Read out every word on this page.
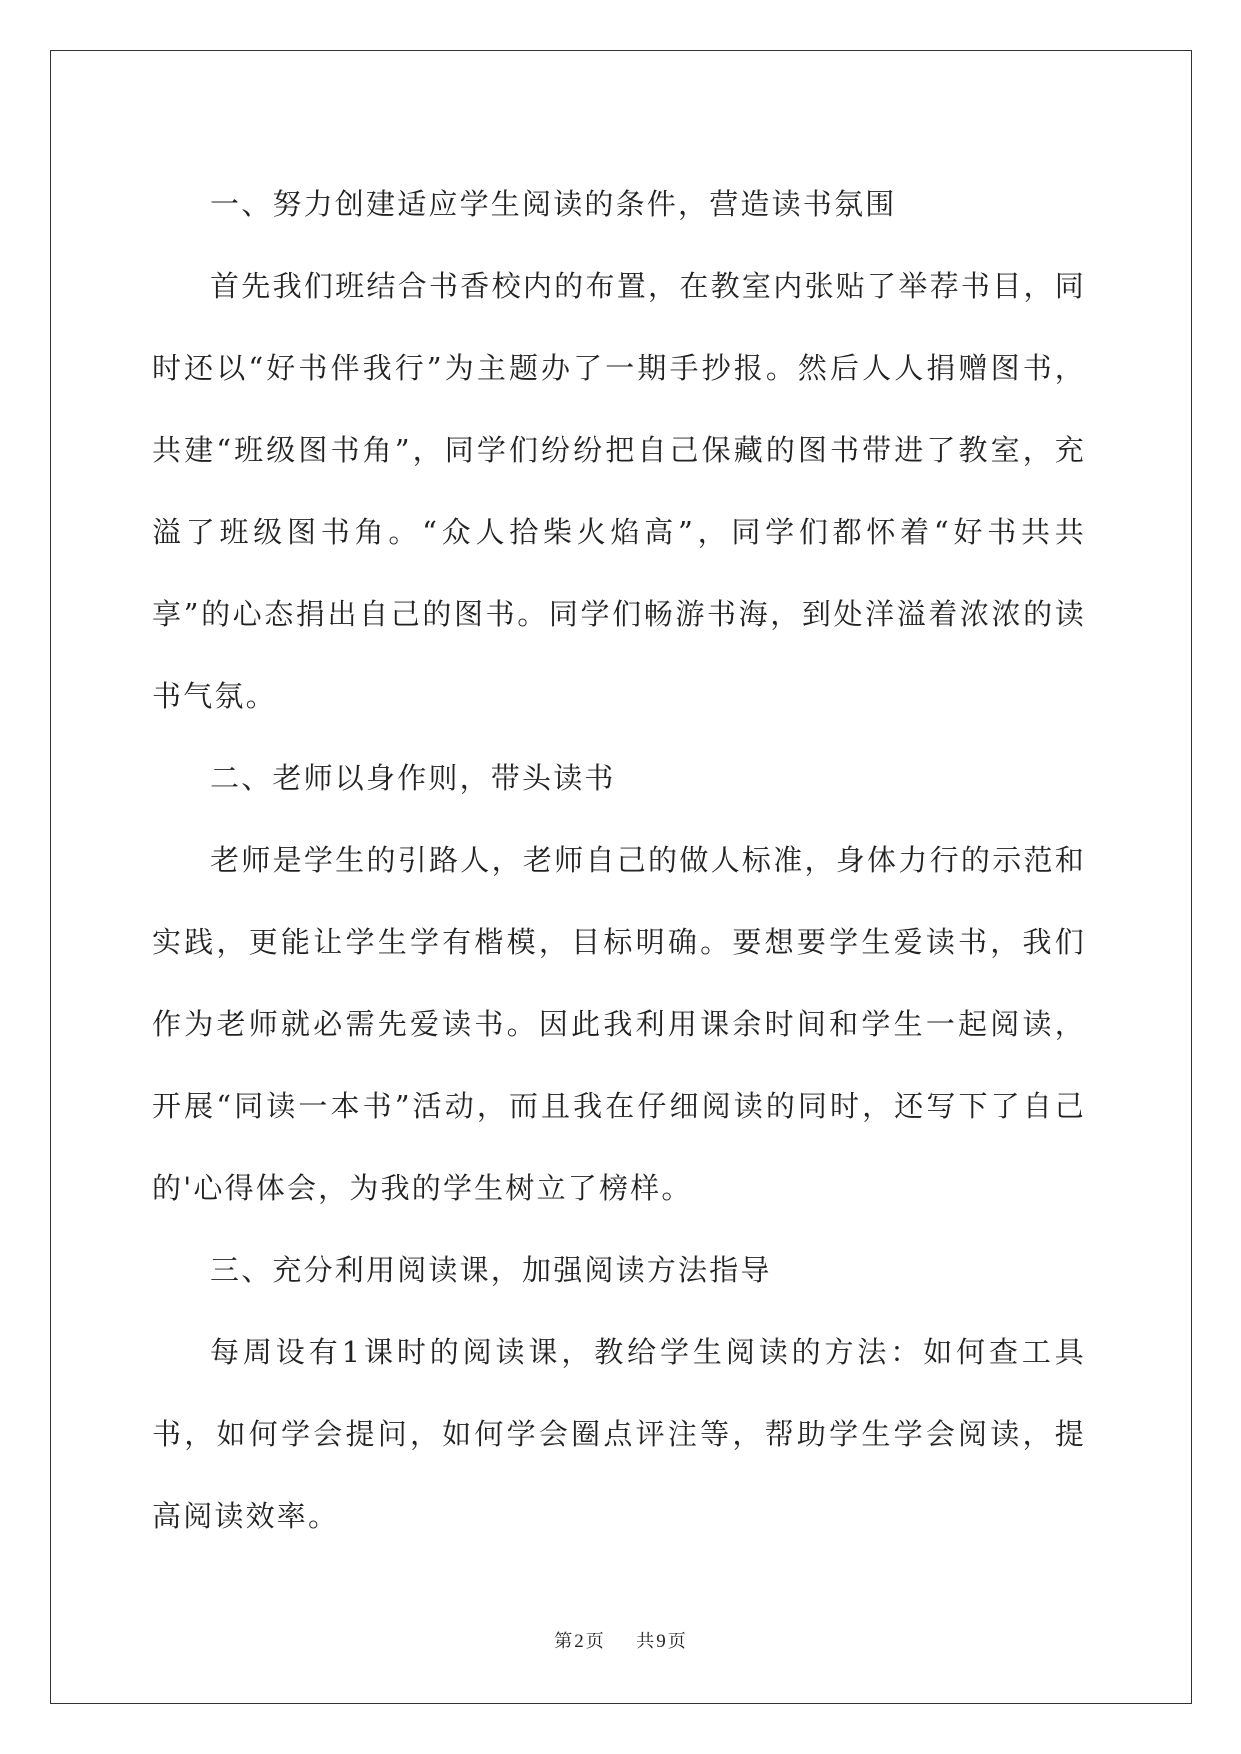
一、努力创建适应学生阅读的条件，营造读书氛围

首先我们班结合书香校内的布置，在教室内张贴了举荐书目，同时还以“好书伴我行”为主题办了一期手抄报。然后人人捐赠图书，共建“班级图书角”，同学们纷纷把自己保藏的图书带进了教室，充溢了班级图书角。“众人拾柴火焰高”，同学们都怀着“好书共共享”的心态捐出自己的图书。同学们畅游书海，到处洋溢着浓浓的读书气氛。

二、老师以身作则，带头读书

老师是学生的引路人，老师自己的做人标准，身体力行的示范和实践，更能让学生学有楷模，目标明确。要想要学生爱读书，我们作为老师就必需先爱读书。因此我利用课余时间和学生一起阅读，开展“同读一本书”活动，而且我在仔细阅读的同时，还写下了自己的'心得体会，为我的学生树立了榜样。

三、充分利用阅读课，加强阅读方法指导

每周设有1课时的阅读课，教给学生阅读的方法：如何查工具书，如何学会提问，如何学会圈点评注等，帮助学生学会阅读，提高阅读效率。

第2页 共9页
